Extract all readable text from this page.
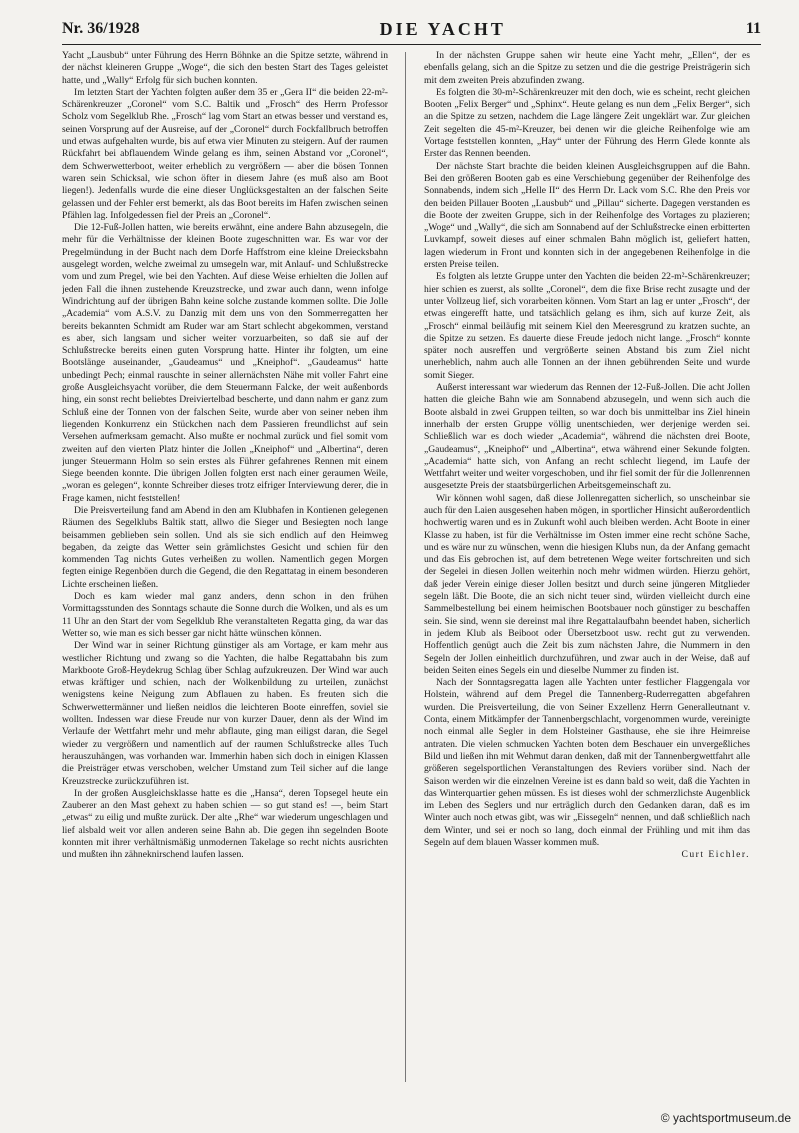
Nr. 36/1928	DIE YACHT	11

Yacht „Lausbub“ unter Führung des Herrn Böhnke an die Spitze setzte, während in der nächst kleineren Gruppe „Woge“, die sich den besten Start des Tages geleistet hatte, und „Wally“ Erfolg für sich buchen konnten.

Im letzten Start der Yachten folgten außer dem 35 er „Gera II“ die beiden 22-m²-Schärenkreuzer „Coronel“ vom S.C. Baltik und „Frosch“ des Herrn Professor Scholz vom Segelklub Rhe. „Frosch“ lag vom Start an etwas besser und verstand es, seinen Vorsprung auf der Ausreise, auf der „Coronel“ durch Fockfallbruch betroffen und etwas aufgehalten wurde, bis auf etwa vier Minuten zu steigern. Auf der raumen Rückfahrt bei abflauendem Winde gelang es ihm, seinen Abstand vor „Coronel“, dem Schwerwetterboot, weiter erheblich zu vergrößern — aber die bösen Tonnen waren sein Schicksal, wie schon öfter in diesem Jahre (es muß also am Boot liegen!). Jedenfalls wurde die eine dieser Unglücksgestalten an der falschen Seite gelassen und der Fehler erst bemerkt, als das Boot bereits im Hafen zwischen seinen Pfählen lag. Infolgedessen fiel der Preis an „Coronel“.

Die 12-Fuß-Jollen hatten, wie bereits erwähnt, eine andere Bahn abzusegeln, die mehr für die Verhältnisse der kleinen Boote zugeschnitten war. Es war vor der Pregelmündung in der Bucht nach dem Dorfe Haffstrom eine kleine Dreiecksbahn ausgelegt worden, welche zweimal zu umsegeln war, mit Anlauf- und Schlußstrecke vom und zum Pregel, wie bei den Yachten. Auf diese Weise erhielten die Jollen auf jeden Fall die ihnen zustehende Kreuzstrecke, und zwar auch dann, wenn infolge Windrichtung auf der übrigen Bahn keine solche zustande kommen sollte. Die Jolle „Academia“ vom A.S.V. zu Danzig mit dem uns von den Sommerregatten her bereits bekannten Schmidt am Ruder war am Start schlecht abgekommen, verstand es aber, sich langsam und sicher weiter vorzuarbeiten, so daß sie auf der Schlußstrecke bereits einen guten Vorsprung hatte. Hinter ihr folgten, um eine Bootslänge auseinander, „Gaudeamus“ und „Kneiphof“. „Gaudeamus“ hatte unbedingt Pech; einmal rauschte in seiner allernächsten Nähe mit voller Fahrt eine große Ausgleichsyacht vorüber, die dem Steuermann Falcke, der weit außenbords hing, ein sonst recht beliebtes Dreiviertelbad bescherte, und dann nahm er ganz zum Schluß eine der Tonnen von der falschen Seite, wurde aber von seiner neben ihm liegenden Konkurrenz ein Stückchen nach dem Passieren freundlichst auf sein Versehen aufmerksam gemacht. Also mußte er nochmal zurück und fiel somit vom zweiten auf den vierten Platz hinter die Jollen „Kneiphof“ und „Albertina“, deren junger Steuermann Holm so sein erstes als Führer gefahrenes Rennen mit einem Siege beenden konnte. Die übrigen Jollen folgten erst nach einer geraumen Weile, „woran es gelegen“, konnte Schreiber dieses trotz eifriger Interviewung derer, die in Frage kamen, nicht feststellen!

Die Preisverteilung fand am Abend in den am Klubhafen in Kontienen gelegenen Räumen des Segelklubs Baltik statt, allwo die Sieger und Besiegten noch lange beisammen geblieben sein sollen. Und als sie sich endlich auf den Heimweg begaben, da zeigte das Wetter sein grämlichstes Gesicht und schien für den kommenden Tag nichts Gutes verheißen zu wollen. Namentlich gegen Morgen fegten einige Regenböen durch die Gegend, die den Regattatag in einem besonderen Lichte erscheinen ließen.

Doch es kam wieder mal ganz anders, denn schon in den frühen Vormittagsstunden des Sonntags schaute die Sonne durch die Wolken, und als es um 11 Uhr an den Start der vom Segelklub Rhe veranstalteten Regatta ging, da war das Wetter so, wie man es sich besser gar nicht hätte wünschen können.

Der Wind war in seiner Richtung günstiger als am Vortage, er kam mehr aus westlicher Richtung und zwang so die Yachten, die halbe Regattabahn bis zum Markboote Groß-Heydekrug Schlag über Schlag aufzukreuzen. Der Wind war auch etwas kräftiger und schien, nach der Wolkenbildung zu urteilen, zunächst wenigstens keine Neigung zum Abflauen zu haben. Es freuten sich die Schwerwettermänner und ließen neidlos die leichteren Boote einreffen, soviel sie wollten. Indessen war diese Freude nur von kurzer Dauer, denn als der Wind im Verlaufe der Wettfahrt mehr und mehr abflaute, ging man eiligst daran, die Segel wieder zu vergrößern und namentlich auf der raumen Schlußstrecke alles Tuch herauszuhängen, was vorhanden war. Immerhin haben sich doch in einigen Klassen die Preisträger etwas verschoben, welcher Umstand zum Teil sicher auf die lange Kreuzstrecke zurückzuführen ist.

In der großen Ausgleichsklasse hatte es die „Hansa“, deren Topsegel heute ein Zauberer an den Mast gehext zu haben schien — so gut stand es! —, beim Start „etwas“ zu eilig und mußte zurück. Der alte „Rhe“ war wiederum ungeschlagen und lief alsbald weit vor allen anderen seine Bahn ab. Die gegen ihn segelnden Boote konnten mit ihrer verhältnismäßig unmodernen Takelage so recht nichts ausrichten und mußten ihn zähneknirschend laufen lassen.

In der nächsten Gruppe sahen wir heute eine Yacht mehr, „Ellen“, der es ebenfalls gelang, sich an die Spitze zu setzen und die die gestrige Preisträgerin sich mit dem zweiten Preis abzufinden zwang.

Es folgten die 30-m²-Schärenkreuzer mit den doch, wie es scheint, recht gleichen Booten „Felix Berger“ und „Sphinx“. Heute gelang es nun dem „Felix Berger“, sich an die Spitze zu setzen, nachdem die Lage längere Zeit ungeklärt war. Zur gleichen Zeit segelten die 45-m²-Kreuzer, bei denen wir die gleiche Reihenfolge wie am Vortage feststellen konnten, „Hay“ unter der Führung des Herrn Glede konnte als Erster das Rennen beenden.

Der nächste Start brachte die beiden kleinen Ausgleichsgruppen auf die Bahn. Bei den größeren Booten gab es eine Verschiebung gegenüber der Reihenfolge des Sonnabends, indem sich „Helle II“ des Herrn Dr. Lack vom S.C. Rhe den Preis vor den beiden Pillauer Booten „Lausbub“ und „Pillau“ sicherte. Dagegen verstanden es die Boote der zweiten Gruppe, sich in der Reihenfolge des Vortages zu plazieren; „Woge“ und „Wally“, die sich am Sonnabend auf der Schlußstrecke einen erbitterten Luvkampf, soweit dieses auf einer schmalen Bahn möglich ist, geliefert hatten, lagen wiederum in Front und konnten sich in der angegebenen Reihenfolge in die ersten Preise teilen.

Es folgten als letzte Gruppe unter den Yachten die beiden 22-m²-Schärenkreuzer; hier schien es zuerst, als sollte „Coronel“, dem die fixe Brise recht zusagte und der unter Vollzeug lief, sich vorarbeiten können. Vom Start an lag er unter „Frosch“, der etwas eingerefft hatte, und tatsächlich gelang es ihm, sich auf kurze Zeit, als „Frosch“ einmal beiläufig mit seinem Kiel den Meeresgrund zu kratzen suchte, an die Spitze zu setzen. Es dauerte diese Freude jedoch nicht lange. „Frosch“ konnte später noch ausreffen und vergrößerte seinen Abstand bis zum Ziel nicht unerheblich, nahm auch alle Tonnen an der ihnen gebührenden Seite und wurde somit Sieger.

Außerst interessant war wiederum das Rennen der 12-Fuß-Jollen. Die acht Jollen hatten die gleiche Bahn wie am Sonnabend abzusegeln, und wenn sich auch die Boote alsbald in zwei Gruppen teilten, so war doch bis unmittelbar ins Ziel hinein innerhalb der ersten Gruppe völlig unentschieden, wer derjenige werden sei. Schließlich war es doch wieder „Academia“, während die nächsten drei Boote, „Gaudeamus“, „Kneiphof“ und „Albertina“, etwa während einer Sekunde folgten. „Academia“ hatte sich, von Anfang an recht schlecht liegend, im Laufe der Wettfahrt weiter und weiter vorgeschoben, und ihr fiel somit der für die Jollenrennen ausgesetzte Preis der staatsbürgerlichen Arbeitsgemeinschaft zu.

Wir können wohl sagen, daß diese Jollenregatten sicherlich, so unscheinbar sie auch für den Laien ausgesehen haben mögen, in sportlicher Hinsicht außerordentlich hochwertig waren und es in Zukunft wohl auch bleiben werden. Acht Boote in einer Klasse zu haben, ist für die Verhältnisse im Osten immer eine recht schöne Sache, und es wäre nur zu wünschen, wenn die hiesigen Klubs nun, da der Anfang gemacht und das Eis gebrochen ist, auf dem betretenen Wege weiter fortschreiten und sich der Segelei in diesen Jollen weiterhin noch mehr widmen würden. Hierzu gehört, daß jeder Verein einige dieser Jollen besitzt und durch seine jüngeren Mitglieder segeln läßt. Die Boote, die an sich nicht teuer sind, würden vielleicht durch eine Sammelbestellung bei einem heimischen Bootsbauer noch günstiger zu beschaffen sein. Sie sind, wenn sie dereinst mal ihre Regattalaufbahn beendet haben, sicherlich in jedem Klub als Beiboot oder Übersetzboot usw. recht gut zu verwenden. Hoffentlich genügt auch die Zeit bis zum nächsten Jahre, die Nummern in den Segeln der Jollen einheitlich durchzuführen, und zwar auch in der Weise, daß auf beiden Seiten eines Segels ein und dieselbe Nummer zu finden ist.

Nach der Sonntagsregatta lagen alle Yachten unter festlicher Flaggengala vor Holstein, während auf dem Pregel die Tannenberg-Ruderregatten abgefahren wurden. Die Preisverteilung, die von Seiner Exzellenz Herrn Generalleutnant v. Conta, einem Mitkämpfer der Tannenbergschlacht, vorgenommen wurde, vereinigte noch einmal alle Segler in dem Holsteiner Gasthause, ehe sie ihre Heimreise antraten. Die vielen schmucken Yachten boten dem Beschauer ein unvergeßliches Bild und ließen ihn mit Wehmut daran denken, daß mit der Tannenbergwettfahrt alle größeren segelsportlichen Veranstaltungen des Reviers vorüber sind. Nach der Saison werden wir die einzelnen Vereine ist es dann bald so weit, daß die Yachten in das Winterquartier gehen müssen. Es ist dieses wohl der schmerzlichste Augenblick im Leben des Seglers und nur erträglich durch den Gedanken daran, daß es im Winter auch noch etwas gibt, was wir „Eissegeln“ nennen, und daß schließlich nach dem Winter, und sei er noch so lang, doch einmal der Frühling und mit ihm das Segeln auf dem blauen Wasser kommen muß.

Curt Eichler.

© yachtsportmuseum.de
